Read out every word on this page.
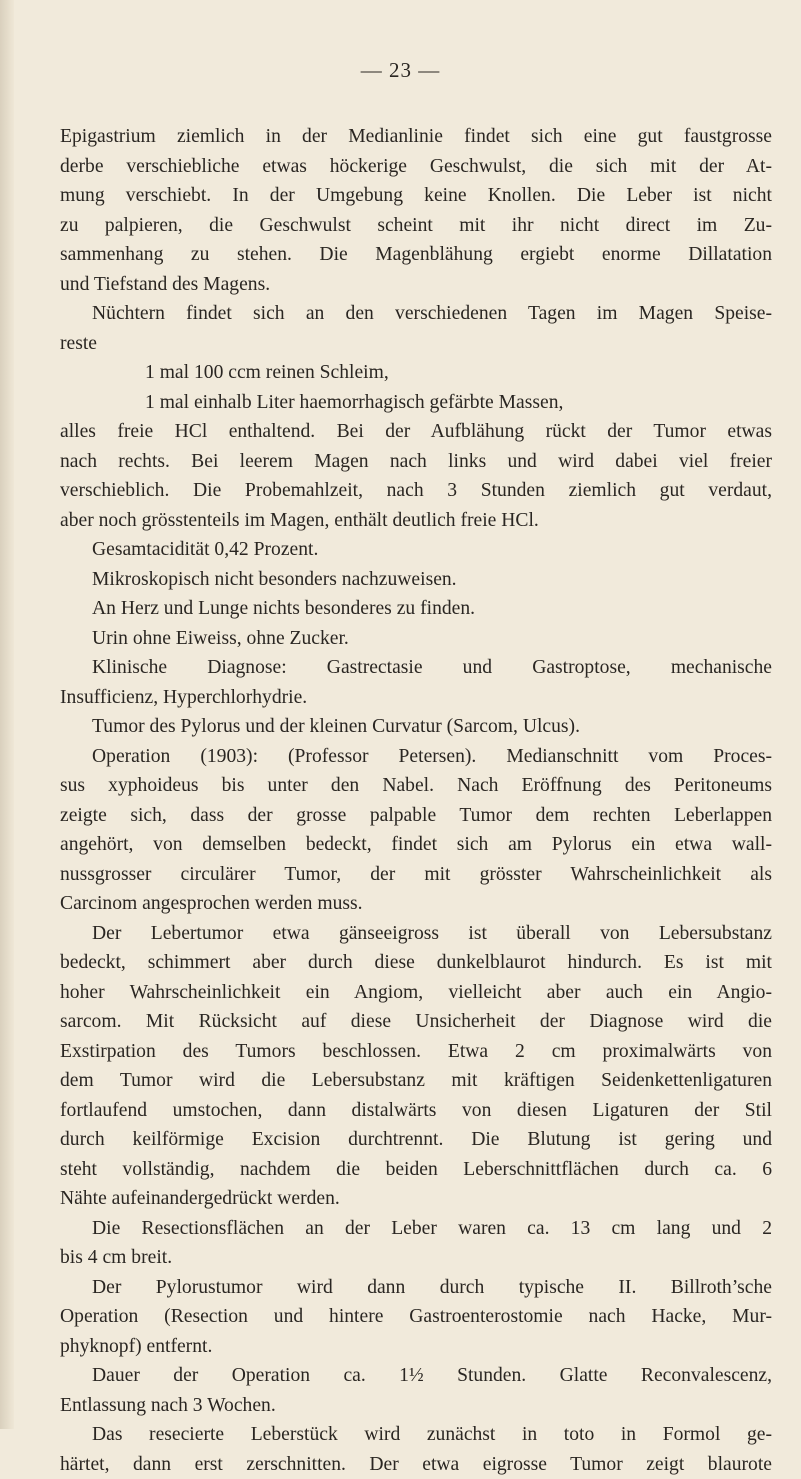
— 23 —

Epigastrium ziemlich in der Medianlinie findet sich eine gut faustgrosse

derbe verschiebliche etwas höckerige Geschwulst, die sich mit der At-

mung verschiebt. In der Umgebung keine Knollen. Die Leber ist nicht

zu palpieren, die Geschwulst scheint mit ihr nicht direct im Zu-

sammenhang zu stehen. Die Magenblähung ergiebt enorme Dillatation

und Tiefstand des Magens.

Nüchtern findet sich an den verschiedenen Tagen im Magen Speise-

reste

1 mal 100 ccm reinen Schleim,

1 mal einhalb Liter haemorrhagisch gefärbte Massen,

alles freie HCl enthaltend. Bei der Aufblähung rückt der Tumor etwas

nach rechts. Bei leerem Magen nach links und wird dabei viel freier

verschieblich. Die Probemahlzeit, nach 3 Stunden ziemlich gut verdaut,

aber noch grösstenteils im Magen, enthält deutlich freie HCl.

Gesamtacidität 0,42 Prozent.

Mikroskopisch nicht besonders nachzuweisen.

An Herz und Lunge nichts besonderes zu finden.

Urin ohne Eiweiss, ohne Zucker.

Klinische Diagnose: Gastrectasie und Gastroptose, mechanische

Insufficienz, Hyperchlorhydrie.

Tumor des Pylorus und der kleinen Curvatur (Sarcom, Ulcus).

Operation (1903): (Professor Petersen). Medianschnitt vom Proces-

sus xyphoideus bis unter den Nabel. Nach Eröffnung des Peritoneums

zeigte sich, dass der grosse palpable Tumor dem rechten Leberlappen

angehört, von demselben bedeckt, findet sich am Pylorus ein etwa wall-

nussgrosser circulärer Tumor, der mit grösster Wahrscheinlichkeit als

Carcinom angesprochen werden muss.

Der Lebertumor etwa gänseeigross ist überall von Lebersubstanz

bedeckt, schimmert aber durch diese dunkelblaurot hindurch. Es ist mit

hoher Wahrscheinlichkeit ein Angiom, vielleicht aber auch ein Angio-

sarcom. Mit Rücksicht auf diese Unsicherheit der Diagnose wird die

Exstirpation des Tumors beschlossen. Etwa 2 cm proximalwärts von

dem Tumor wird die Lebersubstanz mit kräftigen Seidenkettenligaturen

fortlaufend umstochen, dann distalwärts von diesen Ligaturen der Stil

durch keilförmige Excision durchtrennt. Die Blutung ist gering und

steht vollständig, nachdem die beiden Leberschnittflächen durch ca. 6

Nähte aufeinandergedrückt werden.

Die Resectionsflächen an der Leber waren ca. 13 cm lang und 2

bis 4 cm breit.

Der Pylorustumor wird dann durch typische II. Billroth’sche

Operation (Resection und hintere Gastroenterostomie nach Hacke, Mur-

phyknopf) entfernt.

Dauer der Operation ca. 1½ Stunden. Glatte Reconvalescenz,

Entlassung nach 3 Wochen.

Das resecierte Leberstück wird zunächst in toto in Formol ge-

härtet, dann erst zerschnitten. Der etwa eigrosse Tumor zeigt blaurote
